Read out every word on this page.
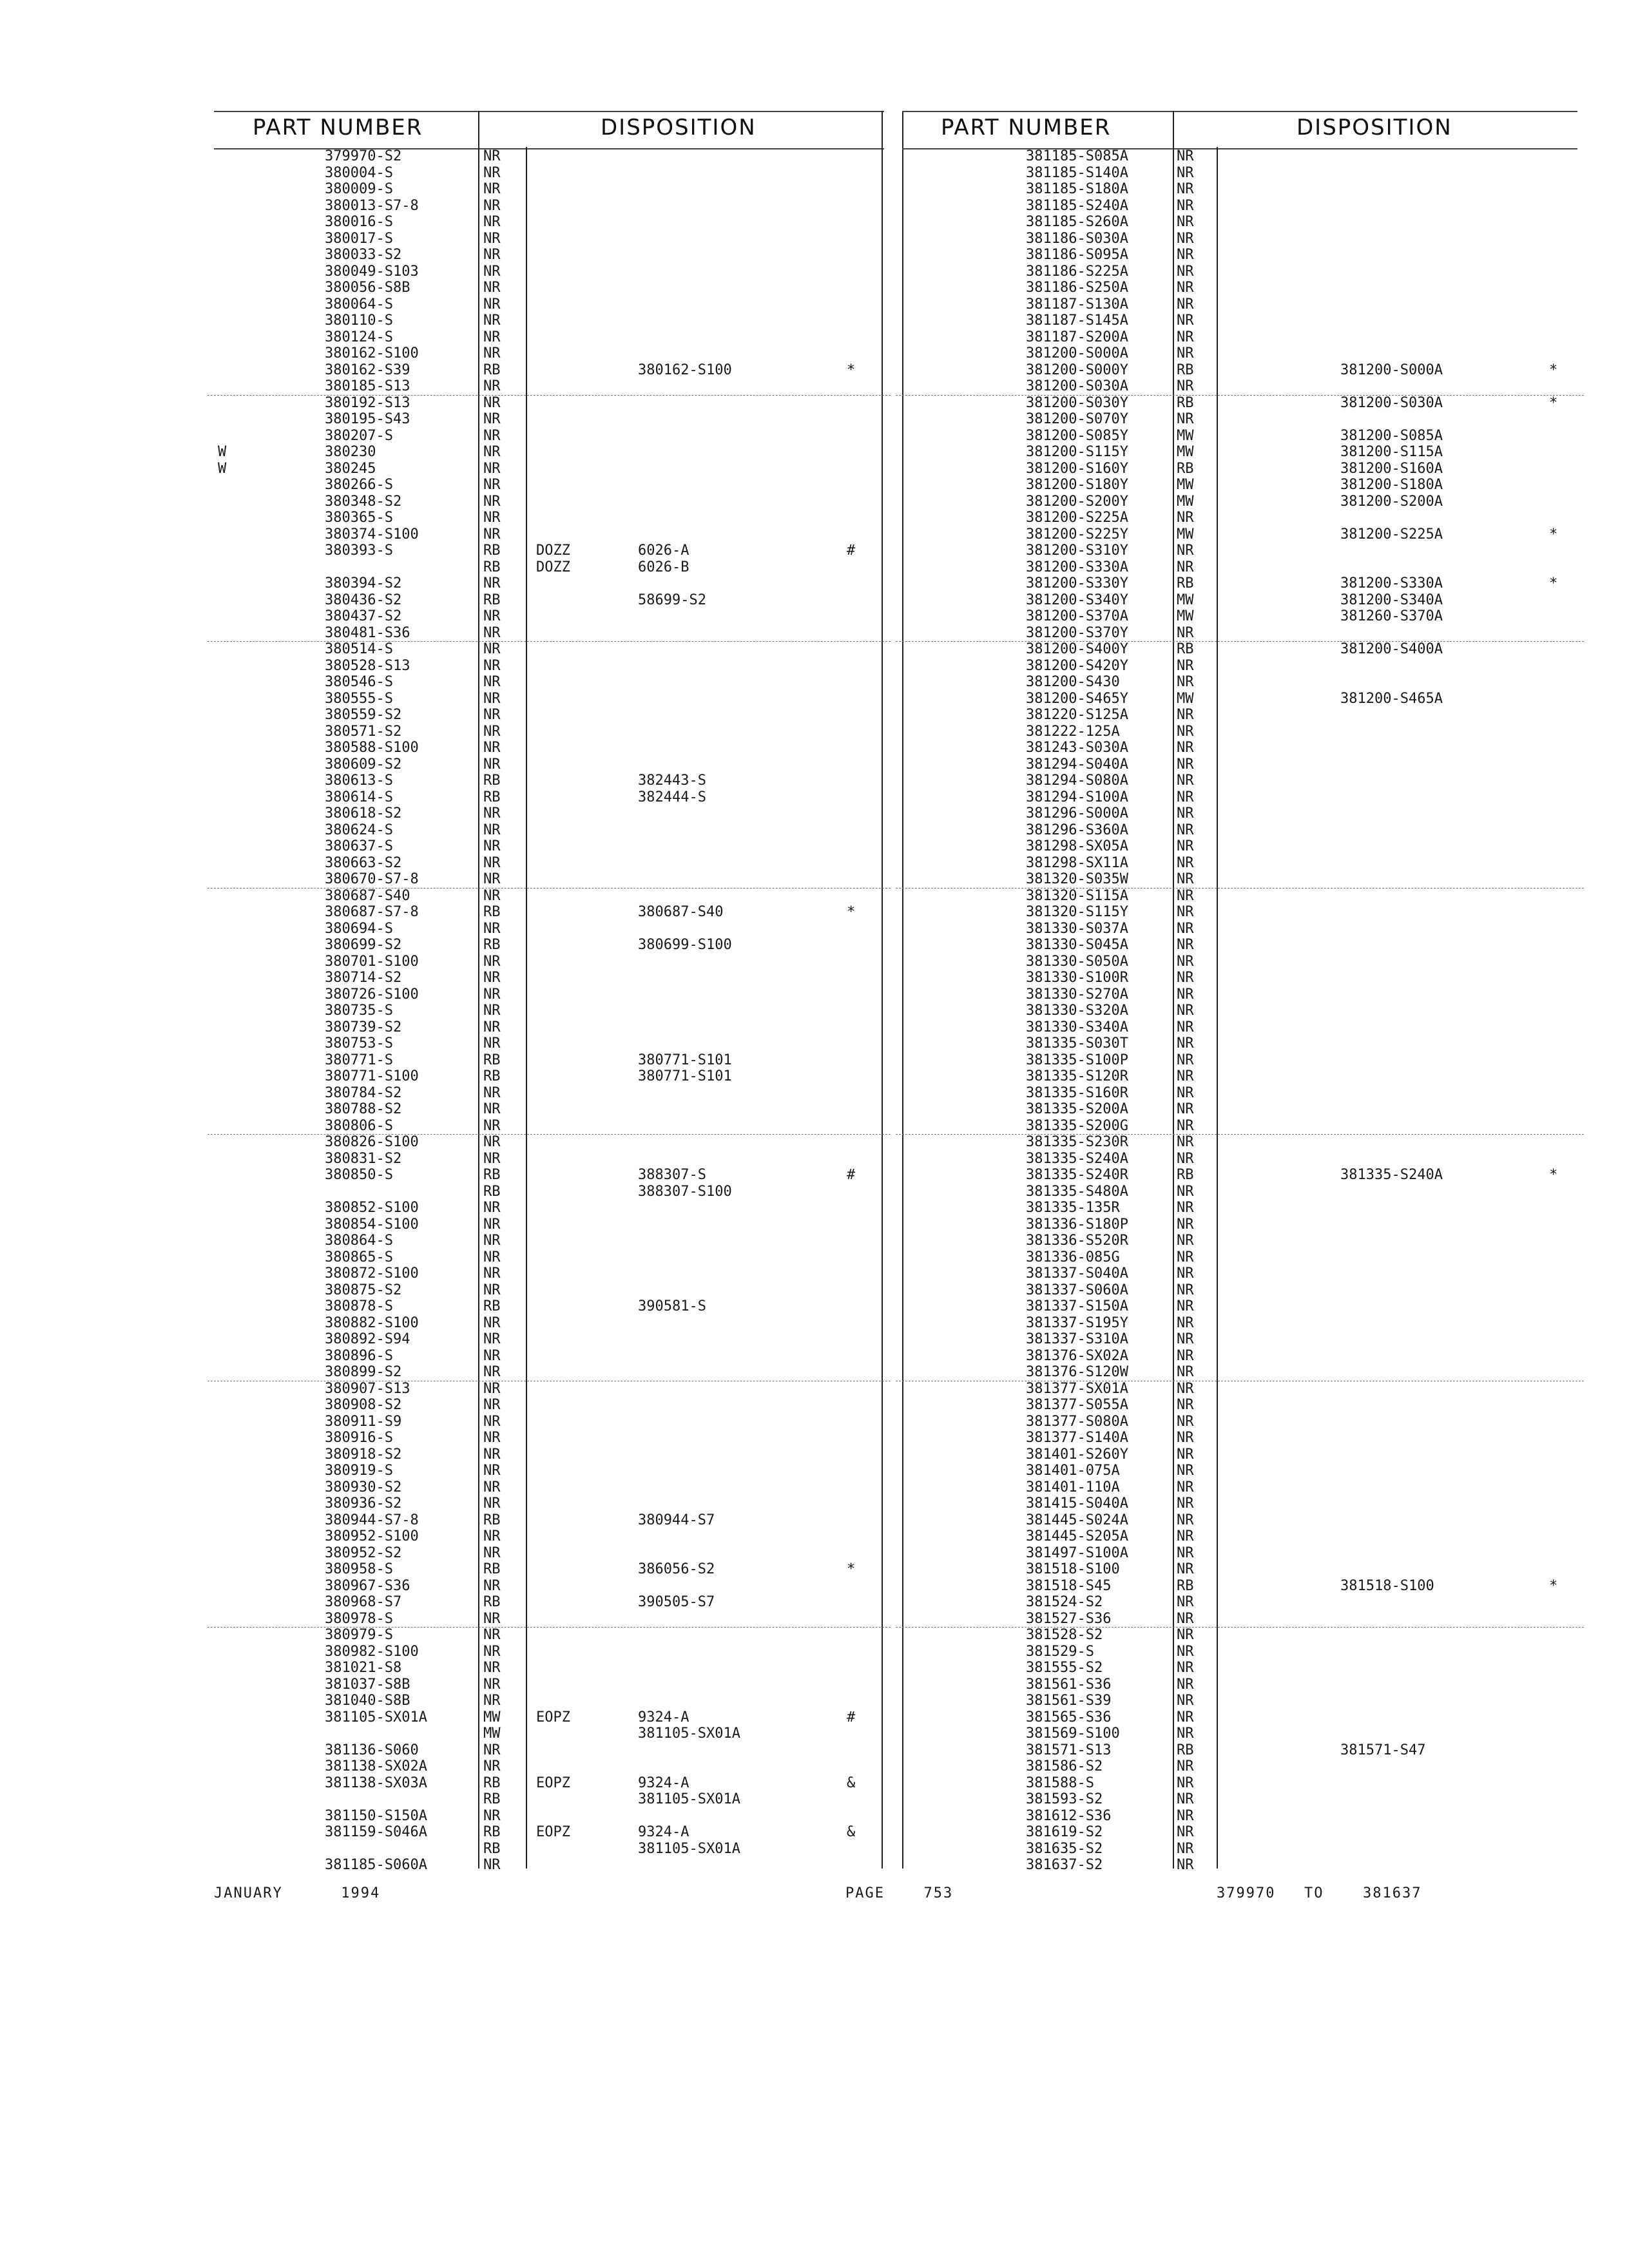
PART NUMBER	DISPOSITION
379970-S2	NR
380004-S	NR
380009-S	NR
380013-S7-8	NR
380016-S	NR
380017-S	NR
380033-S2	NR
380049-S103	NR
380056-S8B	NR
380064-S	NR
380110-S	NR
380124-S	NR
380162-S100	NR
380162-S39	RB	380162-S100	*
380185-S13	NR
380192-S13	NR
380195-S43	NR
380207-S	NR
W	380230	NR
W	380245	NR
380266-S	NR
380348-S2	NR
380365-S	NR
380374-S100	NR
380393-S	RB	DOZZ	6026-A	#
RB	DOZZ	6026-B
380394-S2	NR
380436-S2	RB	58699-S2
380437-S2	NR
380481-S36	NR
380514-S	NR
380528-S13	NR
380546-S	NR
380555-S	NR
380559-S2	NR
380571-S2	NR
380588-S100	NR
380609-S2	NR
380613-S	RB	382443-S
380614-S	RB	382444-S
380618-S2	NR
380624-S	NR
380637-S	NR
380663-S2	NR
380670-S7-8	NR
380687-S40	NR
380687-S7-8	RB	380687-S40	*
380694-S	NR
380699-S2	RB	380699-S100
380701-S100	NR
380714-S2	NR
380726-S100	NR
380735-S	NR
380739-S2	NR
380753-S	NR
380771-S	RB	380771-S101
380771-S100	RB	380771-S101
380784-S2	NR
380788-S2	NR
380806-S	NR
380826-S100	NR
380831-S2	NR
380850-S	RB	388307-S	#
RB	388307-S100
380852-S100	NR
380854-S100	NR
380864-S	NR
380865-S	NR
380872-S100	NR
380875-S2	NR
380878-S	RB	390581-S
380882-S100	NR
380892-S94	NR
380896-S	NR
380899-S2	NR
380907-S13	NR
380908-S2	NR
380911-S9	NR
380916-S	NR
380918-S2	NR
380919-S	NR
380930-S2	NR
380936-S2	NR
380944-S7-8	RB	380944-S7
380952-S100	NR
380952-S2	NR
380958-S	RB	386056-S2	*
380967-S36	NR
380968-S7	RB	390505-S7
380978-S	NR
380979-S	NR
380982-S100	NR
381021-S8	NR
381037-S8B	NR
381040-S8B	NR
381105-SX01A	MW	EOPZ	9324-A	#
MW	381105-SX01A
381136-S060	NR
381138-SX02A	NR
381138-SX03A	RB	EOPZ	9324-A	&
RB	381105-SX01A
381150-S150A	NR
381159-S046A	RB	EOPZ	9324-A	&
RB	381105-SX01A
381185-S060A	NR
PART NUMBER	DISPOSITION
381185-S085A	NR
381185-S140A	NR
381185-S180A	NR
381185-S240A	NR
381185-S260A	NR
381186-S030A	NR
381186-S095A	NR
381186-S225A	NR
381186-S250A	NR
381187-S130A	NR
381187-S145A	NR
381187-S200A	NR
381200-S000A	NR
381200-S000Y	RB	381200-S000A	*
381200-S030A	NR
381200-S030Y	RB	381200-S030A	*
381200-S070Y	NR
381200-S085Y	MW	381200-S085A
381200-S115Y	MW	381200-S115A
381200-S160Y	RB	381200-S160A
381200-S180Y	MW	381200-S180A
381200-S200Y	MW	381200-S200A
381200-S225A	NR
381200-S225Y	MW	381200-S225A	*
381200-S310Y	NR
381200-S330A	NR
381200-S330Y	RB	381200-S330A	*
381200-S340Y	MW	381200-S340A
381200-S370A	MW	381260-S370A
381200-S370Y	NR
381200-S400Y	RB	381200-S400A
381200-S420Y	NR
381200-S430	NR
381200-S465Y	MW	381200-S465A
381220-S125A	NR
381222-125A	NR
381243-S030A	NR
381294-S040A	NR
381294-S080A	NR
381294-S100A	NR
381296-S000A	NR
381296-S360A	NR
381298-SX05A	NR
381298-SX11A	NR
381320-S035W	NR
381320-S115A	NR
381320-S115Y	NR
381330-S037A	NR
381330-S045A	NR
381330-S050A	NR
381330-S100R	NR
381330-S270A	NR
381330-S320A	NR
381330-S340A	NR
381335-S030T	NR
381335-S100P	NR
381335-S120R	NR
381335-S160R	NR
381335-S200A	NR
381335-S200G	NR
381335-S230R	NR
381335-S240A	NR
381335-S240R	RB	381335-S240A	*
381335-S480A	NR
381335-135R	NR
381336-S180P	NR
381336-S520R	NR
381336-085G	NR
381337-S040A	NR
381337-S060A	NR
381337-S150A	NR
381337-S195Y	NR
381337-S310A	NR
381376-SX02A	NR
381376-S120W	NR
381377-SX01A	NR
381377-S055A	NR
381377-S080A	NR
381377-S140A	NR
381401-S260Y	NR
381401-075A	NR
381401-110A	NR
381415-S040A	NR
381445-S024A	NR
381445-S205A	NR
381497-S100A	NR
381518-S100	NR
381518-S45	RB	381518-S100	*
381524-S2	NR
381527-S36	NR
381528-S2	NR
381529-S	NR
381555-S2	NR
381561-S36	NR
381561-S39	NR
381565-S36	NR
381569-S100	NR
381571-S13	RB	381571-S47
381586-S2	NR
381588-S	NR
381593-S2	NR
381612-S36	NR
381619-S2	NR
381635-S2	NR
381637-S2	NR
JANUARY	1994	PAGE	753	379970 TO	381637
